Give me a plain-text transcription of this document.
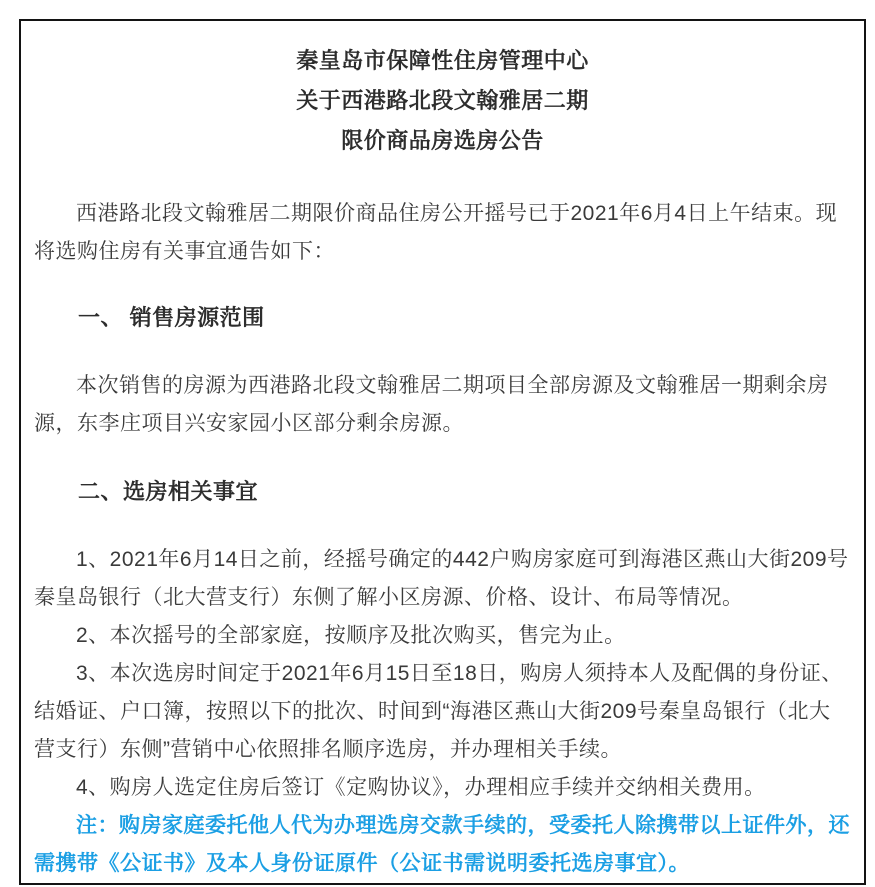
秦皇岛市保障性住房管理中心
关于西港路北段文翰雅居二期
限价商品房选房公告

西港路北段文翰雅居二期限价商品住房公开摇号已于2021年6月4日上午结束。现将选购住房有关事宜通告如下：

一、 销售房源范围

本次销售的房源为西港路北段文翰雅居二期项目全部房源及文翰雅居一期剩余房源，东李庄项目兴安家园小区部分剩余房源。

二、选房相关事宜

1、2021年6月14日之前，经摇号确定的442户购房家庭可到海港区燕山大街209号秦皇岛银行（北大营支行）东侧了解小区房源、价格、设计、布局等情况。

2、本次摇号的全部家庭，按顺序及批次购买，售完为止。

3、本次选房时间定于2021年6月15日至18日，购房人须持本人及配偶的身份证、结婚证、户口簿，按照以下的批次、时间到“海港区燕山大街209号秦皇岛银行（北大营支行）东侧”营销中心依照排名顺序选房，并办理相关手续。

4、购房人选定住房后签订《定购协议》，办理相应手续并交纳相关费用。

注：购房家庭委托他人代为办理选房交款手续的，受委托人除携带以上证件外，还需携带《公证书》及本人身份证原件（公证书需说明委托选房事宜）。
